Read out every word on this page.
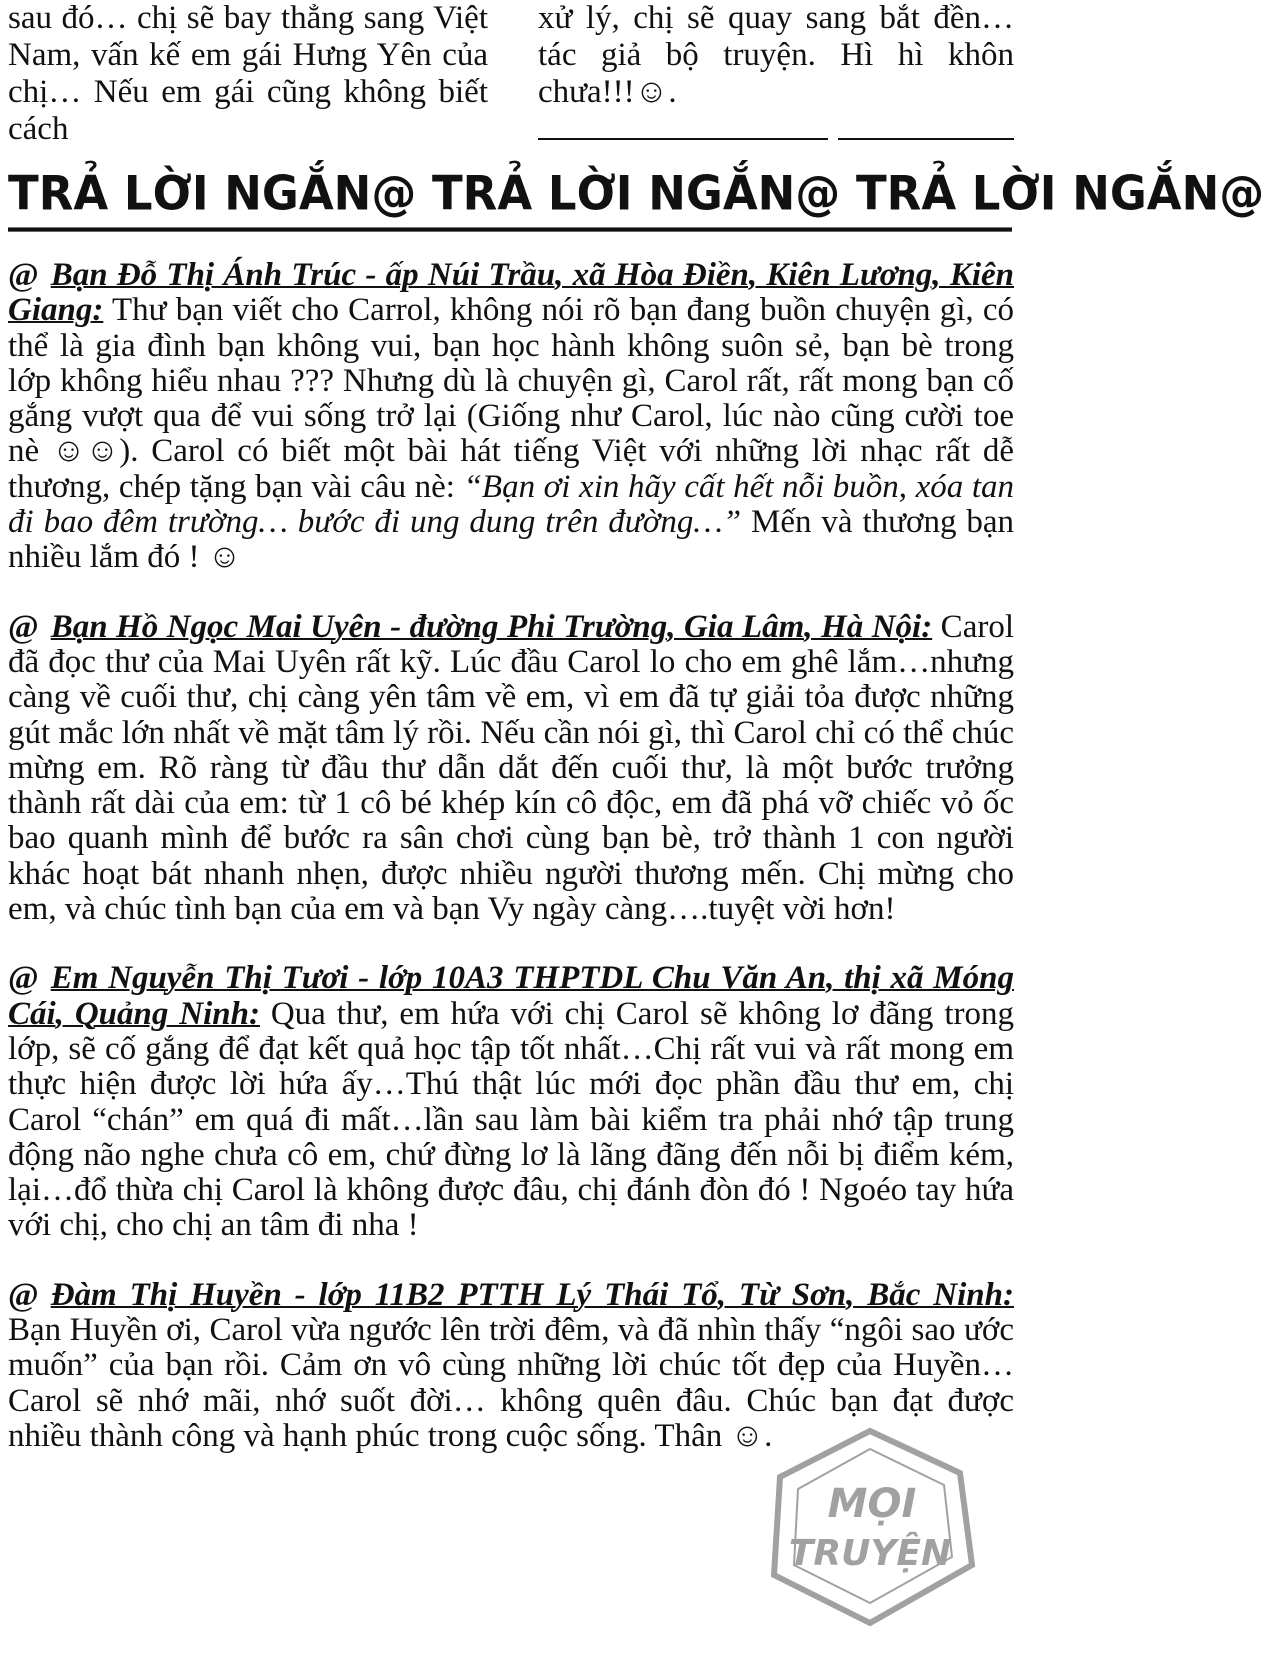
sau đó… chị sẽ bay thẳng sang Việt Nam, vấn kế em gái Hưng Yên của chị… Nếu em gái cũng không biết cách
xử lý, chị sẽ quay sang bắt đền… tác giả bộ truyện. Hì hì khôn chưa!!!☺.
TRẢ LỜI NGẮN@ TRẢ LỜI NGẮN@ TRẢ LỜI NGẮN@

@ Bạn Đỗ Thị Ánh Trúc - ấp Núi Trầu, xã Hòa Điền, Kiên Lương, Kiên Giang: Thư bạn viết cho Carrol, không nói rõ bạn đang buồn chuyện gì, có thể là gia đình bạn không vui, bạn học hành không suôn sẻ, bạn bè trong lớp không hiểu nhau ??? Nhưng dù là chuyện gì, Carol rất, rất mong bạn cố gắng vượt qua để vui sống trở lại (Giống như Carol, lúc nào cũng cười toe nè ☺☺). Carol có biết một bài hát tiếng Việt với những lời nhạc rất dễ thương, chép tặng bạn vài câu nè: “Bạn ơi xin hãy cất hết nỗi buồn, xóa tan đi bao đêm trường… bước đi ung dung trên đường…” Mến và thương bạn nhiều lắm đó ! ☺

@ Bạn Hồ Ngọc Mai Uyên - đường Phi Trường, Gia Lâm, Hà Nội: Carol đã đọc thư của Mai Uyên rất kỹ. Lúc đầu Carol lo cho em ghê lắm…nhưng càng về cuối thư, chị càng yên tâm về em, vì em đã tự giải tỏa được những gút mắc lớn nhất về mặt tâm lý rồi. Nếu cần nói gì, thì Carol chỉ có thể chúc mừng em. Rõ ràng từ đầu thư dẫn dắt đến cuối thư, là một bước trưởng thành rất dài của em: từ 1 cô bé khép kín cô độc, em đã phá vỡ chiếc vỏ ốc bao quanh mình để bước ra sân chơi cùng bạn bè, trở thành 1 con người khác hoạt bát nhanh nhẹn, được nhiều người thương mến. Chị mừng cho em, và chúc tình bạn của em và bạn Vy ngày càng….tuyệt vời hơn!

@ Em Nguyễn Thị Tươi - lớp 10A3 THPTDL Chu Văn An, thị xã Móng Cái, Quảng Ninh: Qua thư, em hứa với chị Carol sẽ không lơ đãng trong lớp, sẽ cố gắng để đạt kết quả học tập tốt nhất…Chị rất vui và rất mong em thực hiện được lời hứa ấy…Thú thật lúc mới đọc phần đầu thư em, chị Carol “chán” em quá đi mất…lần sau làm bài kiểm tra phải nhớ tập trung động não nghe chưa cô em, chứ đừng lơ là lãng đãng đến nỗi bị điểm kém, lại…đổ thừa chị Carol là không được đâu, chị đánh đòn đó ! Ngoéo tay hứa với chị, cho chị an tâm đi nha !

@ Đàm Thị Huyền - lớp 11B2 PTTH Lý Thái Tổ, Từ Sơn, Bắc Ninh: Bạn Huyền ơi, Carol vừa ngước lên trời đêm, và đã nhìn thấy “ngôi sao ước muốn” của bạn rồi. Cảm ơn vô cùng những lời chúc tốt đẹp của Huyền…Carol sẽ nhớ mãi, nhớ suốt đời… không quên đâu. Chúc bạn đạt được nhiều thành công và hạnh phúc trong cuộc sống. Thân ☺.

MỌI
TRUYỆN
